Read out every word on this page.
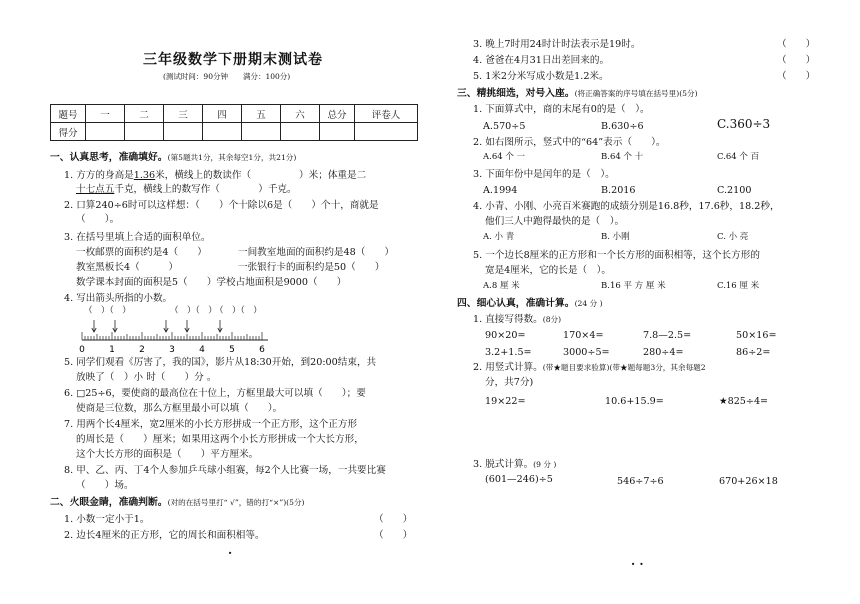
三年级数学下册期末测试卷
(测试时间：90分钟　　满分：100分)
题号	一	二	三	四	五	六	总分	评卷人
得分								
一、认真思考，准确填好。(第5题共1分，其余每空1分，共21分)
1. 方方的身高是1.36米，横线上的数读作（　　　　　）米；体重是二
十七点五千克，横线上的数写作（　　　　）千克。
2. 口算240÷6时可以这样想：（　　）个十除以6是（　　）个十，商就是
（　　）。
3. 在括号里填上合适的面积单位。
一枚邮票的面积约是4（　　）	一间教室地面的面积约是48（　　）
教室黑板长4（　　　）	一张银行卡的面积约是50（　　）
数学课本封面的面积是5（　　）学校占地面积是9000（　　）
4. 写出箭头所指的小数。
（　）（　）	（　）（　）
（　）（　）
0	1	2	3	4	5	6
5. 同学们观看《厉害了，我的国》，影片从18:30开始，到20:00结束，共
放映了（　）小 时（　　）分 。
6. □25÷6，要使商的最高位在十位上，方框里最大可以填（　　）；要
使商是三位数，那么方框里最小可以填（　　）。
7. 用两个长4厘米，宽2厘米的小长方形拼成一个正方形，这个正方形
的周长是（　　）厘米；如果用这两个小长方形拼成一个大长方形，
这个大长方形的面积是（　　）平方厘米。
8. 甲、乙、丙、丁4个人参加乒乓球小组赛，每2个人比赛一场，一共要比赛
（　　）场。
二、火眼金睛，准确判断。(对的在括号里打“ √”，错的打“×”)(5分)
1. 小数一定小于1。	（　　）
2. 边长4厘米的正方形，它的周长和面积相等。	（　　）
·
3. 晚上7时用24时计时法表示是19时。	（　　）
4. 爸爸在4月31日出差回来的。	（　　）
5. 1米2分米写成小数是1.2米。	（　　）
三、精挑细选，对号入座。(将正确答案的序号填在括号里)(5分)
1. 下面算式中，商的末尾有0的是（　）。
A.570÷5	B.630÷6	C.360÷3
2. 如右图所示，竖式中的“64”表示（　　）。
A.64 个 一	B.64 个 十	C.64 个 百
3. 下面年份中是闰年的是（　）。
A.1994	B.2016	C.2100
4. 小青、小刚、小亮百米赛跑的成绩分别是16.8秒，17.6秒，18.2秒，
他们三人中跑得最快的是（　）。
A. 小 青	B. 小刚	C. 小 亮
5. 一个边长8厘米的正方形和一个长方形的面积相等，这个长方形的
宽是4厘米，它的长是（　）。
A.8 厘 米	B.16 平 方 厘 米	C.16 厘 米
四、细心认真，准确计算。(24 分 )
1. 直接写得数。(8分)
90×20=	170×4=	7.8—2.5=	50×16=
3.2+1.5=	3000÷5=	280÷4=	86÷2=
2. 用竖式计算。(带★题目要求验算)(带★题每题3分，其余每题2
分，共7分)
19×22=	10.6+15.9=	★825÷4=
3. 脱式计算。(9 分 )
(601—246)÷5	546÷7÷6	670+26×18
· ·
